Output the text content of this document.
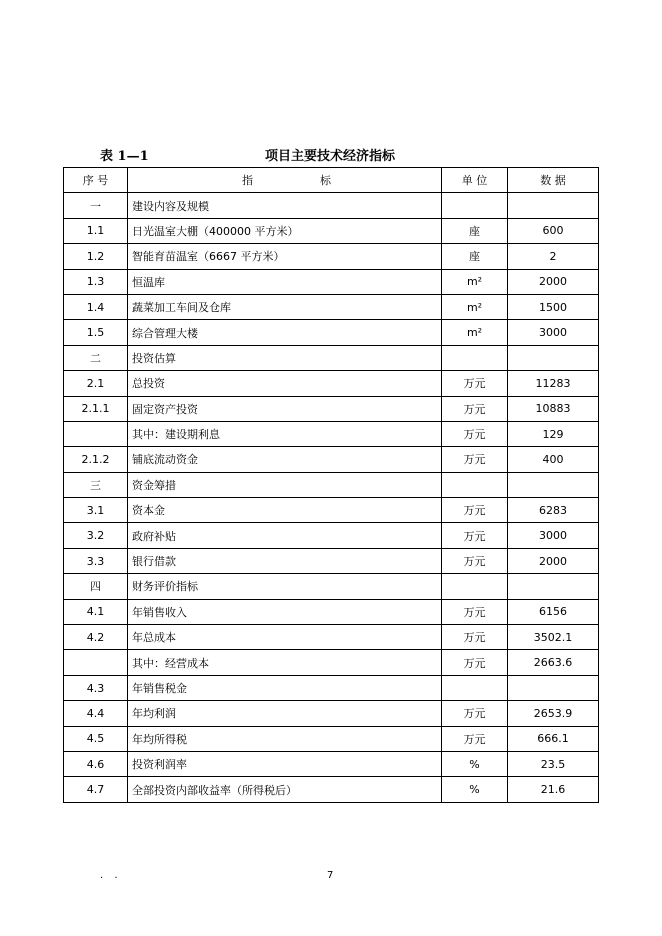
表 1—1	项目主要技术经济指标
序 号	指 标	单 位	数 据
一	建设内容及规模		
1.1	日光温室大棚（400000 平方米）	座	600
1.2	智能育苗温室（6667 平方米）	座	2
1.3	恒温库	m²	2000
1.4	蔬菜加工车间及仓库	m²	1500
1.5	综合管理大楼	m²	3000
二	投资估算		
2.1	总投资	万元	11283
2.1.1	固定资产投资	万元	10883
	其中：建设期利息	万元	129
2.1.2	铺底流动资金	万元	400
三	资金筹措		
3.1	资本金	万元	6283
3.2	政府补贴	万元	3000
3.3	银行借款	万元	2000
四	财务评价指标		
4.1	年销售收入	万元	6156
4.2	年总成本	万元	3502.1
	其中：经营成本	万元	2663.6
4.3	年销售税金		
4.4	年均利润	万元	2653.9
4.5	年均所得税	万元	666.1
4.6	投资利润率	%	23.5
4.7	全部投资内部收益率（所得税后）	%	21.6
. .	7
